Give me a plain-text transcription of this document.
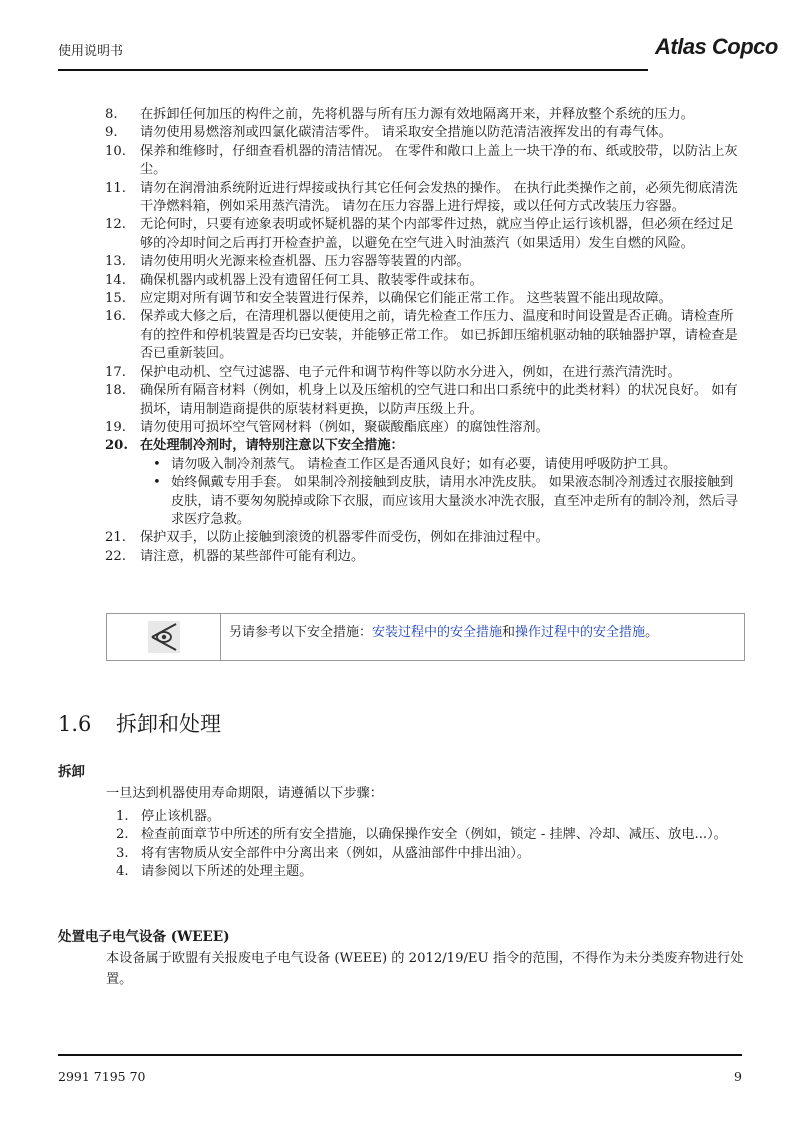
使用说明书	Atlas Copco
8.	在拆卸任何加压的构件之前，先将机器与所有压力源有效地隔离开来，并释放整个系统的压力。
9.	请勿使用易燃溶剂或四氯化碳清洁零件。 请采取安全措施以防范清洁液挥发出的有毒气体。
10.	保养和维修时，仔细查看机器的清洁情况。 在零件和敞口上盖上一块干净的布、纸或胶带，以防沾上灰尘。
11.	请勿在润滑油系统附近进行焊接或执行其它任何会发热的操作。 在执行此类操作之前，必须先彻底清洗干净燃料箱，例如采用蒸汽清洗。 请勿在压力容器上进行焊接，或以任何方式改装压力容器。
12.	无论何时，只要有迹象表明或怀疑机器的某个内部零件过热，就应当停止运行该机器，但必须在经过足够的冷却时间之后再打开检查护盖，以避免在空气进入时油蒸汽（如果适用）发生自燃的风险。
13.	请勿使用明火光源来检查机器、压力容器等装置的内部。
14.	确保机器内或机器上没有遗留任何工具、散装零件或抹布。
15.	应定期对所有调节和安全装置进行保养，以确保它们能正常工作。 这些装置不能出现故障。
16.	保养或大修之后，在清理机器以便使用之前，请先检查工作压力、温度和时间设置是否正确。请检查所有的控件和停机装置是否均已安装，并能够正常工作。 如已拆卸压缩机驱动轴的联轴器护罩，请检查是否已重新装回。
17.	保护电动机、空气过滤器、电子元件和调节构件等以防水分进入，例如，在进行蒸汽清洗时。
18.	确保所有隔音材料（例如，机身上以及压缩机的空气进口和出口系统中的此类材料）的状况良好。 如有损坏，请用制造商提供的原装材料更换，以防声压级上升。
19.	请勿使用可损坏空气管网材料（例如，聚碳酸酯底座）的腐蚀性溶剂。
20. 在处理制冷剂时，请特别注意以下安全措施：
• 请勿吸入制冷剂蒸气。 请检查工作区是否通风良好；如有必要，请使用呼吸防护工具。
• 始终佩戴专用手套。 如果制冷剂接触到皮肤，请用水冲洗皮肤。 如果液态制冷剂透过衣服接触到皮肤，请不要匆匆脱掉或除下衣服，而应该用大量淡水冲洗衣服，直至冲走所有的制冷剂，然后寻求医疗急救。
21.	保护双手，以防止接触到滚烫的机器零件而受伤，例如在排油过程中。
22.	请注意，机器的某些部件可能有利边。
另请参考以下安全措施：安装过程中的安全措施和操作过程中的安全措施。
1.6 拆卸和处理
拆卸
一旦达到机器使用寿命期限，请遵循以下步骤：
1. 停止该机器。
2. 检查前面章节中所述的所有安全措施，以确保操作安全（例如，锁定 - 挂牌、冷却、减压、放电...）。
3. 将有害物质从安全部件中分离出来（例如，从盛油部件中排出油）。
4. 请参阅以下所述的处理主题。
处置电子电气设备 (WEEE)
本设备属于欧盟有关报废电子电气设备 (WEEE) 的 2012/19/EU 指令的范围，不得作为未分类废弃物进行处置。
2991 7195 70	9
